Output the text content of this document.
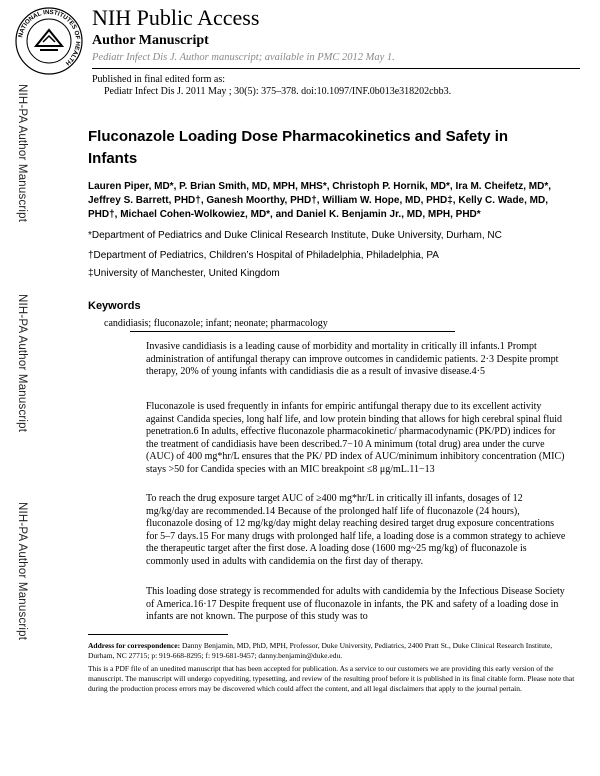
NATIONAL INSTITUTES OF HEALTH
NIH Public Access
Author Manuscript
Pediatr Infect Dis J. Author manuscript; available in PMC 2012 May 1.
Published in final edited form as:
Pediatr Infect Dis J. 2011 May ; 30(5): 375–378. doi:10.1097/INF.0b013e318202cbb3.
NIH-PA Author Manuscript
NIH-PA Author Manuscript
NIH-PA Author Manuscript
Fluconazole Loading Dose Pharmacokinetics and Safety in Infants
Lauren Piper, MD*, P. Brian Smith, MD, MPH, MHS*, Christoph P. Hornik, MD*, Ira M. Cheifetz, MD*, Jeffrey S. Barrett, PHD†, Ganesh Moorthy, PHD†, William W. Hope, MD, PHD‡, Kelly C. Wade, MD, PHD†, Michael Cohen-Wolkowiez, MD*, and Daniel K. Benjamin Jr., MD, MPH, PHD*
*Department of Pediatrics and Duke Clinical Research Institute, Duke University, Durham, NC
†Department of Pediatrics, Children’s Hospital of Philadelphia, Philadelphia, PA
‡University of Manchester, United Kingdom
Keywords
candidiasis; fluconazole; infant; neonate; pharmacology
Invasive candidiasis is a leading cause of morbidity and mortality in critically ill infants.1 Prompt administration of antifungal therapy can improve outcomes in candidemic patients. 2·3 Despite prompt therapy, 20% of young infants with candidiasis die as a result of invasive disease.4·5
Fluconazole is used frequently in infants for empiric antifungal therapy due to its excellent activity against Candida species, long half life, and low protein binding that allows for high cerebral spinal fluid penetration.6 In adults, effective fluconazole pharmacokinetic/ pharmacodynamic (PK/PD) indices for the treatment of candidiasis have been described.7−10 A minimum (total drug) area under the curve (AUC) of 400 mg*hr/L ensures that the PK/ PD index of AUC/minimum inhibitory concentration (MIC) stays >50 for Candida species with an MIC breakpoint ≤8 μg/mL.11−13
To reach the drug exposure target AUC of ≥400 mg*hr/L in critically ill infants, dosages of 12 mg/kg/day are recommended.14 Because of the prolonged half life of fluconazole (24 hours), fluconazole dosing of 12 mg/kg/day might delay reaching desired target drug exposure concentrations for 5–7 days.15 For many drugs with prolonged half life, a loading dose is a common strategy to achieve the therapeutic target after the first dose. A loading dose (1600 mg~25 mg/kg) of fluconazole is commonly used in adults with candidemia on the first day of therapy.
This loading dose strategy is recommended for adults with candidemia by the Infectious Disease Society of America.16·17 Despite frequent use of fluconazole in infants, the PK and safety of a loading dose in infants are not known. The purpose of this study was to
Address for correspondence: Danny Benjamin, MD, PhD, MPH, Professor, Duke University, Pediatrics, 2400 Pratt St., Duke Clinical Research Institute, Durham, NC 27715; p: 919-668-8295; f: 919-681-9457; danny.benjamin@duke.edu.
This is a PDF file of an unedited manuscript that has been accepted for publication. As a service to our customers we are providing this early version of the manuscript. The manuscript will undergo copyediting, typesetting, and review of the resulting proof before it is published in its final citable form. Please note that during the production process errors may be discovered which could affect the content, and all legal disclaimers that apply to the journal pertain.
